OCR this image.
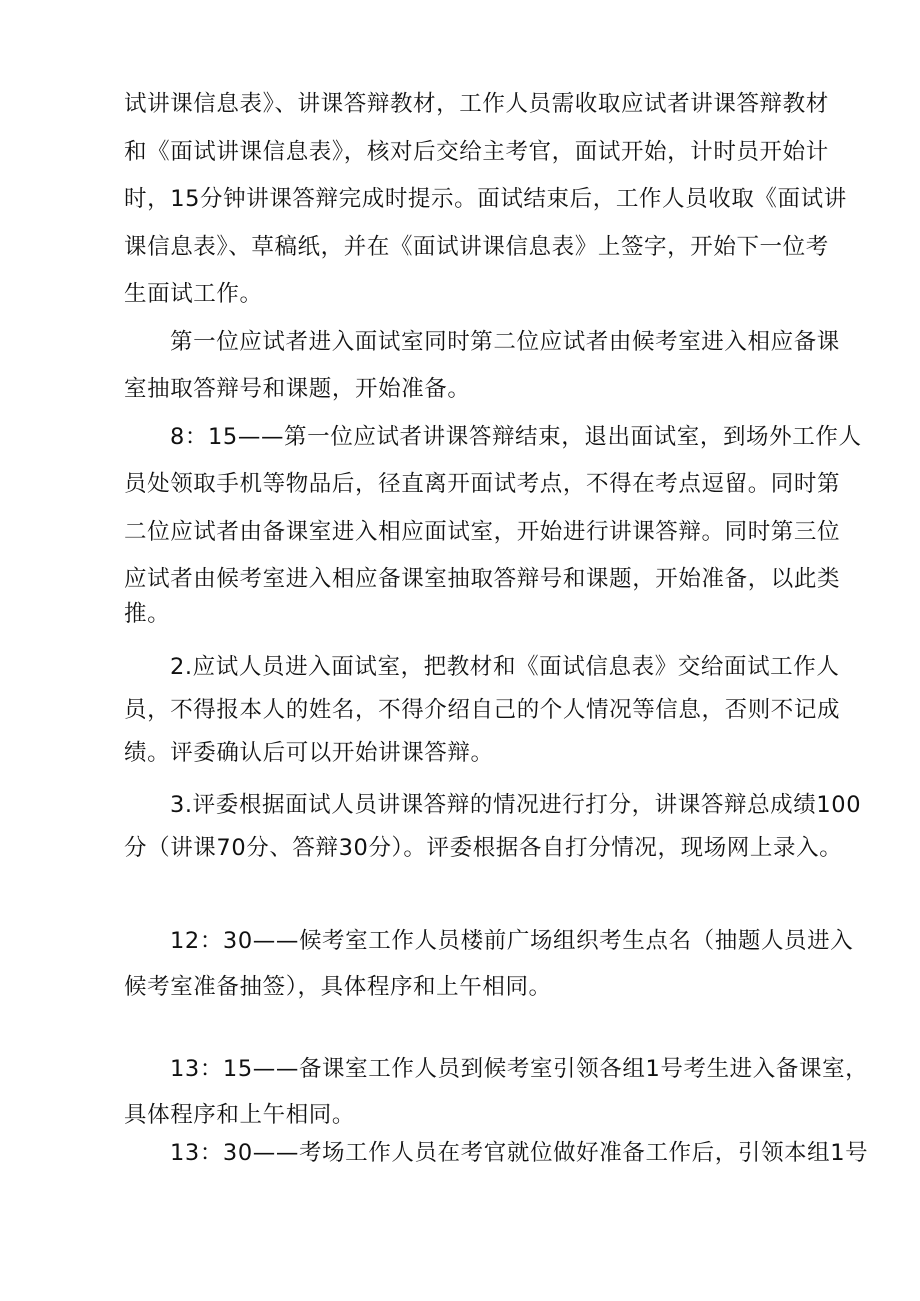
试讲课信息表》、讲课答辩教材，工作人员需收取应试者讲课答辩教材
和《面试讲课信息表》，核对后交给主考官，面试开始，计时员开始计
时，15分钟讲课答辩完成时提示。面试结束后，工作人员收取《面试讲
课信息表》、草稿纸，并在《面试讲课信息表》上签字，开始下一位考
生面试工作。
第一位应试者进入面试室同时第二位应试者由候考室进入相应备课
室抽取答辩号和课题，开始准备。
8：15——第一位应试者讲课答辩结束，退出面试室，到场外工作人
员处领取手机等物品后，径直离开面试考点，不得在考点逗留。同时第
二位应试者由备课室进入相应面试室，开始进行讲课答辩。同时第三位
应试者由候考室进入相应备课室抽取答辩号和课题，开始准备，以此类
推。
2.应试人员进入面试室，把教材和《面试信息表》交给面试工作人
员，不得报本人的姓名，不得介绍自己的个人情况等信息，否则不记成
绩。评委确认后可以开始讲课答辩。
3.评委根据面试人员讲课答辩的情况进行打分，讲课答辩总成绩100
分（讲课70分、答辩30分）。评委根据各自打分情况，现场网上录入。
12：30——候考室工作人员楼前广场组织考生点名（抽题人员进入
候考室准备抽签），具体程序和上午相同。
13：15——备课室工作人员到候考室引领各组1号考生进入备课室，
具体程序和上午相同。
13：30——考场工作人员在考官就位做好准备工作后，引领本组1号
